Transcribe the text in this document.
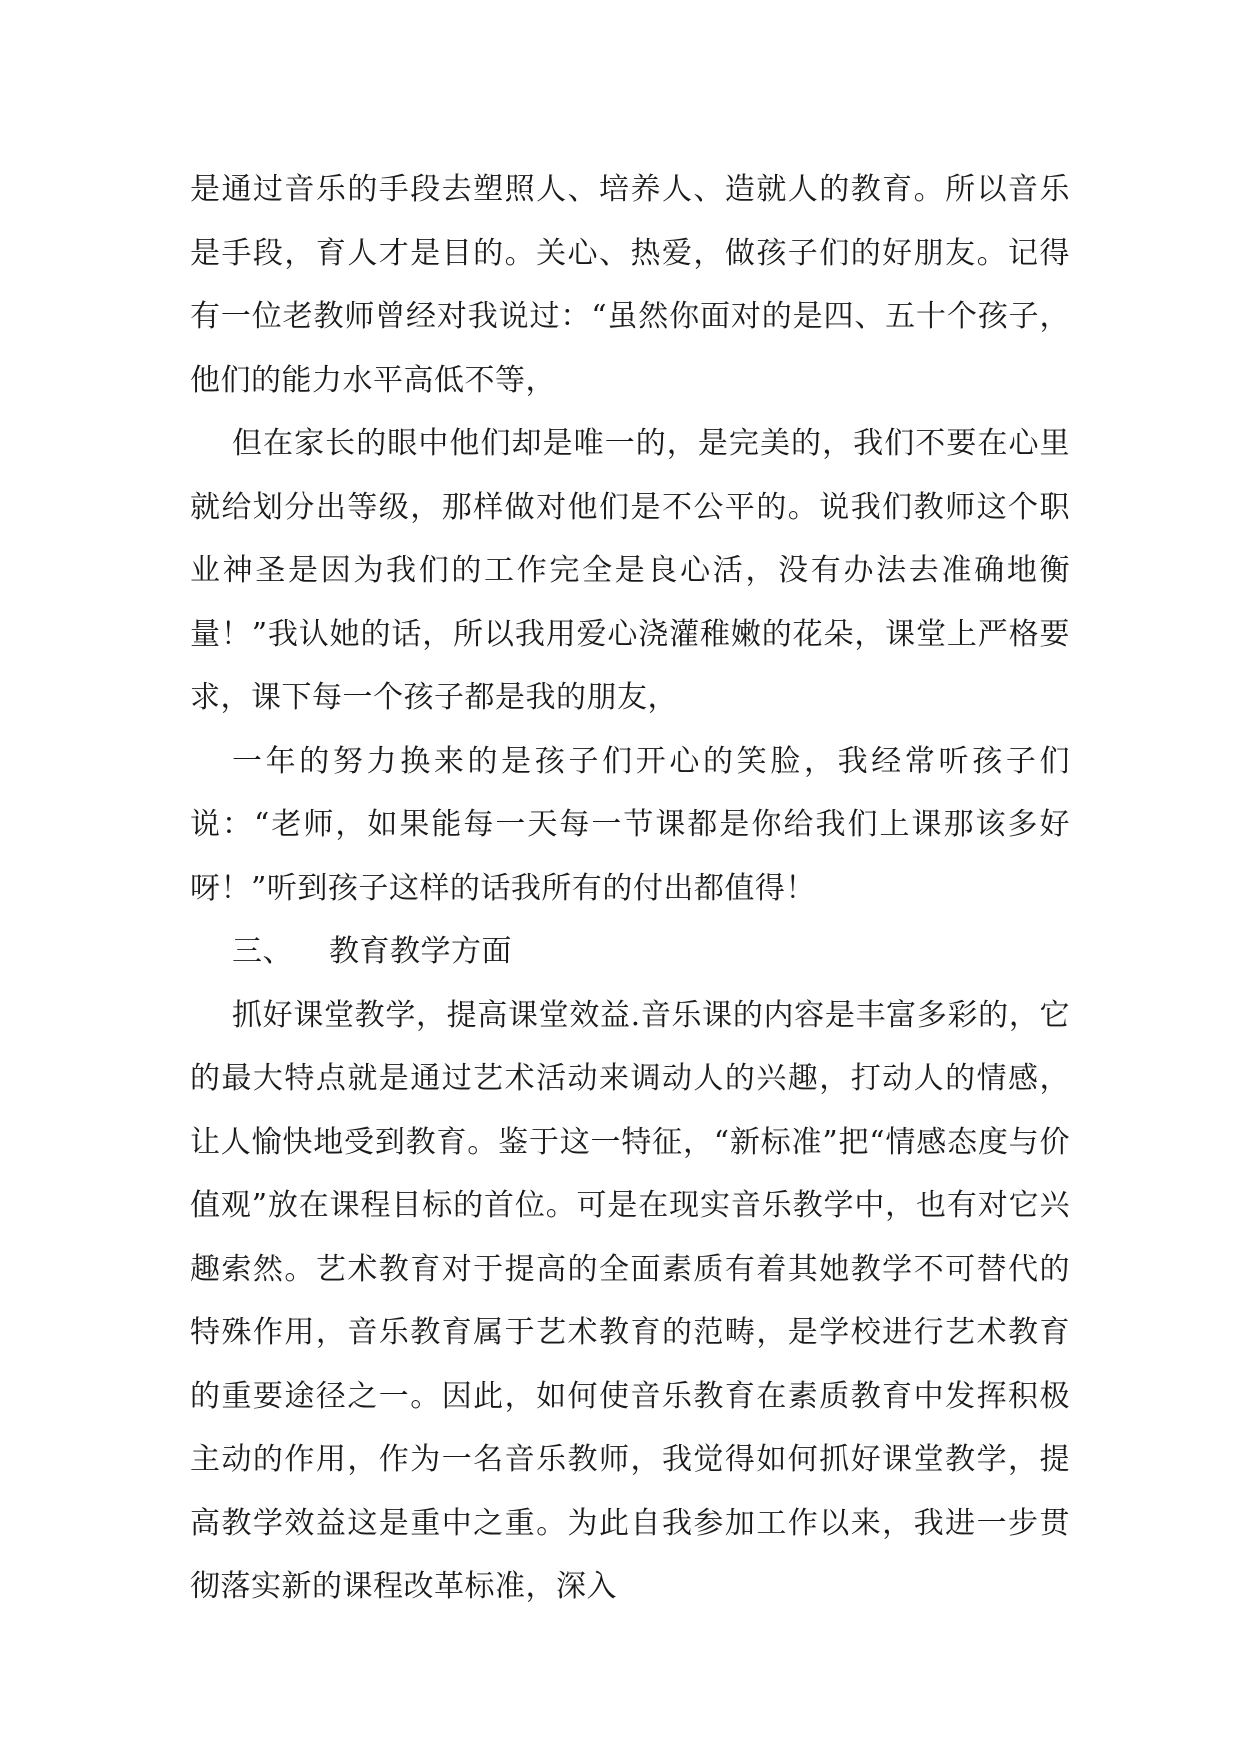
是通过音乐的手段去塑照人、培养人、造就人的教育。所以音乐是手段，育人才是目的。关心、热爱，做孩子们的好朋友。记得有一位老教师曾经对我说过：“虽然你面对的是四、五十个孩子，他们的能力水平高低不等，

但在家长的眼中他们却是唯一的，是完美的，我们不要在心里就给划分出等级，那样做对他们是不公平的。说我们教师这个职业神圣是因为我们的工作完全是良心活，没有办法去准确地衡量！”我认她的话，所以我用爱心浇灌稚嫩的花朵，课堂上严格要求，课下每一个孩子都是我的朋友，

一年的努力换来的是孩子们开心的笑脸，我经常听孩子们说：“老师，如果能每一天每一节课都是你给我们上课那该多好呀！”听到孩子这样的话我所有的付出都值得！

三、 教育教学方面

抓好课堂教学，提高课堂效益.音乐课的内容是丰富多彩的，它的最大特点就是通过艺术活动来调动人的兴趣，打动人的情感，让人愉快地受到教育。鉴于这一特征，“新标准”把“情感态度与价值观”放在课程目标的首位。可是在现实音乐教学中，也有对它兴趣索然。艺术教育对于提高的全面素质有着其她教学不可替代的特殊作用，音乐教育属于艺术教育的范畴，是学校进行艺术教育的重要途径之一。因此，如何使音乐教育在素质教育中发挥积极主动的作用，作为一名音乐教师，我觉得如何抓好课堂教学，提高教学效益这是重中之重。为此自我参加工作以来，我进一步贯彻落实新的课程改革标准，深入
